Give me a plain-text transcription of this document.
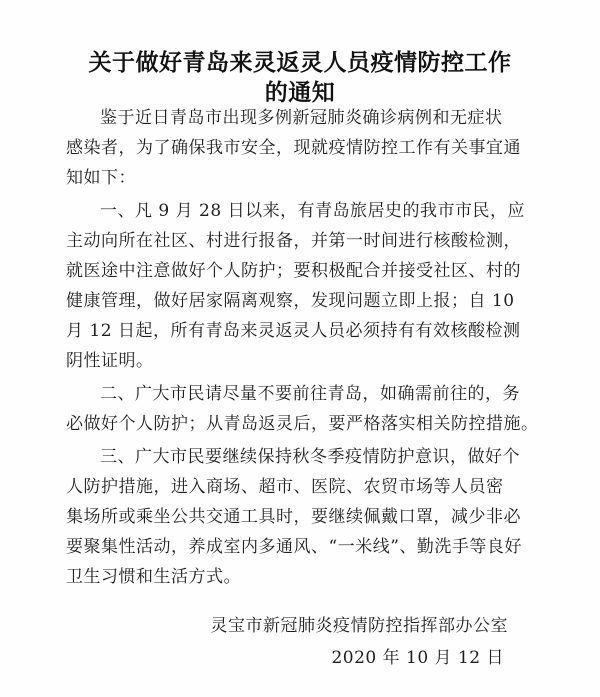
关于做好青岛来灵返灵人员疫情防控工作
的通知
鉴于近日青岛市出现多例新冠肺炎确诊病例和无症状
感染者，为了确保我市安全，现就疫情防控工作有关事宜通
知如下：
一、凡 9 月 28 日以来，有青岛旅居史的我市市民，应
主动向所在社区、村进行报备，并第一时间进行核酸检测，
就医途中注意做好个人防护；要积极配合并接受社区、村的
健康管理，做好居家隔离观察，发现问题立即上报；自 10
月 12 日起，所有青岛来灵返灵人员必须持有有效核酸检测
阴性证明。
二、广大市民请尽量不要前往青岛，如确需前往的，务
必做好个人防护；从青岛返灵后，要严格落实相关防控措施。
三、广大市民要继续保持秋冬季疫情防护意识，做好个
人防护措施，进入商场、超市、医院、农贸市场等人员密
集场所或乘坐公共交通工具时，要继续佩戴口罩，减少非必
要聚集性活动，养成室内多通风、“一米线”、勤洗手等良好
卫生习惯和生活方式。
灵宝市新冠肺炎疫情防控指挥部办公室
2020 年 10 月 12 日
